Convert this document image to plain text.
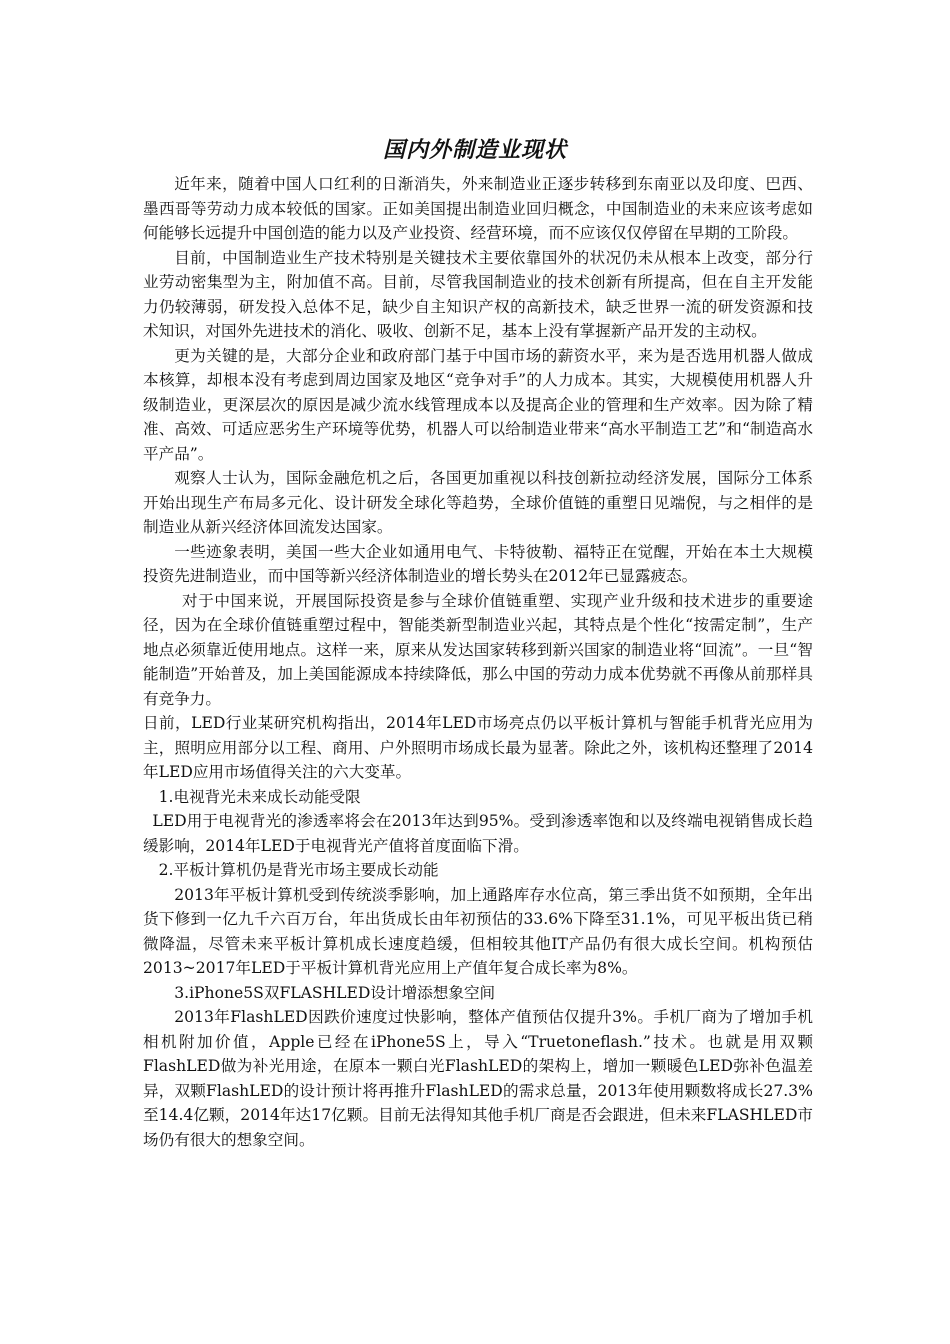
国内外制造业现状

近年来，随着中国人口红利的日渐消失，外来制造业正逐步转移到东南亚以及印度、巴西、墨西哥等劳动力成本较低的国家。正如美国提出制造业回归概念，中国制造业的未来应该考虑如何能够长远提升中国创造的能力以及产业投资、经营环境，而不应该仅仅停留在早期的工阶段。

目前，中国制造业生产技术特别是关键技术主要依靠国外的状况仍未从根本上改变，部分行业劳动密集型为主，附加值不高。目前，尽管我国制造业的技术创新有所提高，但在自主开发能力仍较薄弱，研发投入总体不足，缺少自主知识产权的高新技术，缺乏世界一流的研发资源和技术知识，对国外先进技术的消化、吸收、创新不足，基本上没有掌握新产品开发的主动权。

更为关键的是，大部分企业和政府部门基于中国市场的薪资水平，来为是否选用机器人做成本核算，却根本没有考虑到周边国家及地区“竞争对手”的人力成本。其实，大规模使用机器人升级制造业，更深层次的原因是减少流水线管理成本以及提高企业的管理和生产效率。因为除了精准、高效、可适应恶劣生产环境等优势，机器人可以给制造业带来“高水平制造工艺”和“制造高水平产品”。

观察人士认为，国际金融危机之后，各国更加重视以科技创新拉动经济发展，国际分工体系开始出现生产布局多元化、设计研发全球化等趋势，全球价值链的重塑日见端倪，与之相伴的是制造业从新兴经济体回流发达国家。

一些迹象表明，美国一些大企业如通用电气、卡特彼勒、福特正在觉醒，开始在本土大规模投资先进制造业，而中国等新兴经济体制造业的增长势头在2012年已显露疲态。

对于中国来说，开展国际投资是参与全球价值链重塑、实现产业升级和技术进步的重要途径，因为在全球价值链重塑过程中，智能类新型制造业兴起，其特点是个性化“按需定制”，生产地点必须靠近使用地点。这样一来，原来从发达国家转移到新兴国家的制造业将“回流”。一旦“智能制造”开始普及，加上美国能源成本持续降低，那么中国的劳动力成本优势就不再像从前那样具有竞争力。

日前，LED行业某研究机构指出，2014年LED市场亮点仍以平板计算机与智能手机背光应用为主，照明应用部分以工程、商用、户外照明市场成长最为显著。除此之外，该机构还整理了2014年LED应用市场值得关注的六大变革。

1.电视背光未来成长动能受限

LED用于电视背光的渗透率将会在2013年达到95%。受到渗透率饱和以及终端电视销售成长趋缓影响，2014年LED于电视背光产值将首度面临下滑。

2.平板计算机仍是背光市场主要成长动能

2013年平板计算机受到传统淡季影响，加上通路库存水位高，第三季出货不如预期，全年出货下修到一亿九千六百万台，年出货成长由年初预估的33.6%下降至31.1%，可见平板出货已稍微降温，尽管未来平板计算机成长速度趋缓，但相较其他IT产品仍有很大成长空间。机构预估2013~2017年LED于平板计算机背光应用上产值年复合成长率为8%。

3.iPhone5S双FLASHLED设计增添想象空间

2013年FlashLED因跌价速度过快影响，整体产值预估仅提升3%。手机厂商为了增加手机相机附加价值，Apple已经在iPhone5S上，导入“Truetoneflash.”技术。也就是用双颗FlashLED做为补光用途，在原本一颗白光FlashLED的架构上，增加一颗暖色LED弥补色温差异，双颗FlashLED的设计预计将再推升FlashLED的需求总量，2013年使用颗数将成长27.3%至14.4亿颗，2014年达17亿颗。目前无法得知其他手机厂商是否会跟进，但未来FLASHLED市场仍有很大的想象空间。
